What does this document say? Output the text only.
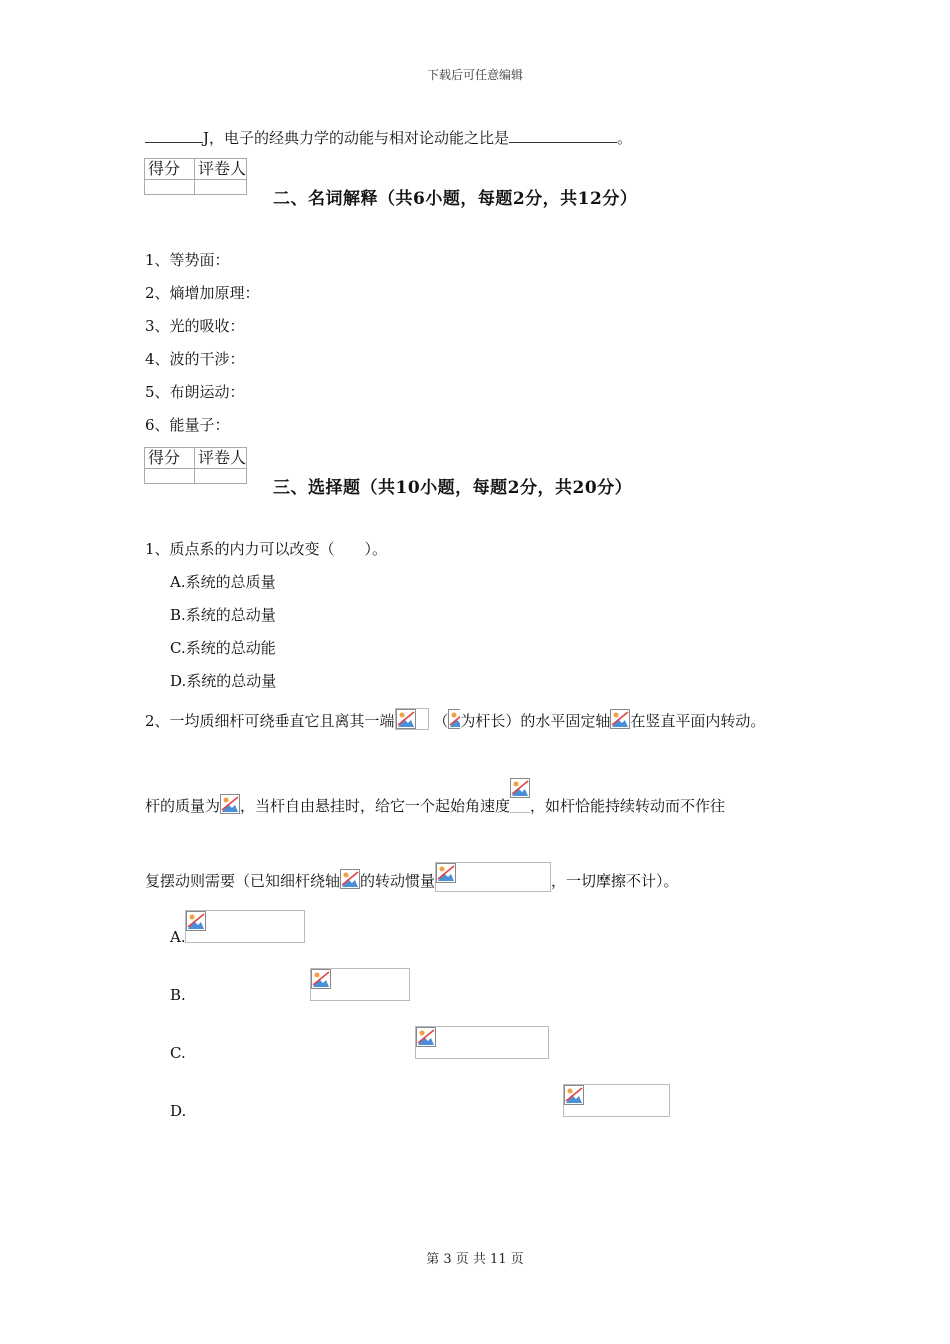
下载后可任意编辑
J，电子的经典力学的动能与相对论动能之比是	。
得分	评卷人

二、名词解释（共6小题，每题2分，共12分）
1、等势面：
2、熵增加原理：
3、光的吸收：
4、波的干涉：
5、布朗运动：
6、能量子：
得分	评卷人

三、选择题（共10小题，每题2分，共20分）
1、质点系的内力可以改变（　　）。
A.系统的总质量
B.系统的总动量
C.系统的总动能
D.系统的总动量
2、一均质细杆可绕垂直它且离其一端	（ 为杆长）的水平固定轴 在竖直平面内转动。
杆的质量为 ，当杆自由悬挂时，给它一个起始角速度 ，如杆恰能持续转动而不作往
复摆动则需要（已知细杆绕轴 的转动惯量	，一切摩擦不计）。
A.

B.

C.

D.
第 3 页 共 11 页
